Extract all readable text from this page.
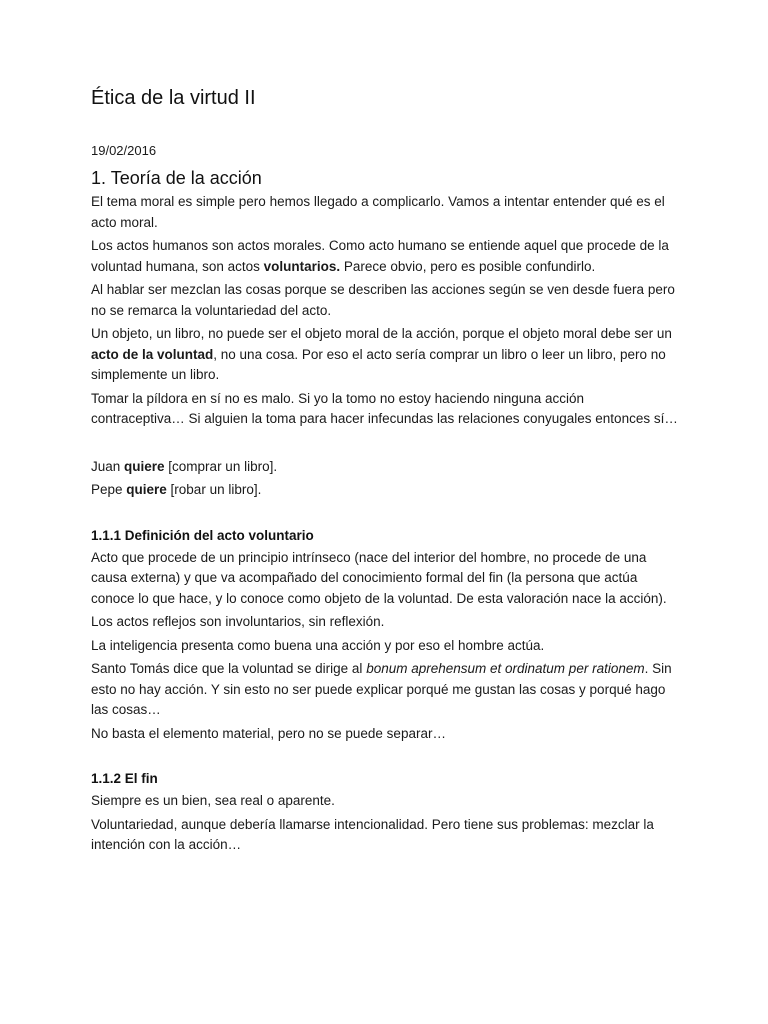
Ética de la virtud II
19/02/2016
1. Teoría de la acción

El tema moral es simple pero hemos llegado a complicarlo. Vamos a intentar entender qué es el acto moral.

Los actos humanos son actos morales. Como acto humano se entiende aquel que procede de la voluntad humana, son actos voluntarios. Parece obvio, pero es posible confundirlo.

Al hablar ser mezclan las cosas porque se describen las acciones según se ven desde fuera pero no se remarca la voluntariedad del acto.

Un objeto, un libro, no puede ser el objeto moral de la acción, porque el objeto moral debe ser un acto de la voluntad, no una cosa. Por eso el acto sería comprar un libro o leer un libro, pero no simplemente un libro.

Tomar la píldora en sí no es malo. Si yo la tomo no estoy haciendo ninguna acción contraceptiva… Si alguien la toma para hacer infecundas las relaciones conyugales entonces sí…

Juan quiere [comprar un libro].

Pepe quiere [robar un libro].

1.1.1 Definición del acto voluntario

Acto que procede de un principio intrínseco (nace del interior del hombre, no procede de una causa externa) y que va acompañado del conocimiento formal del fin (la persona que actúa conoce lo que hace, y lo conoce como objeto de la voluntad. De esta valoración nace la acción).

Los actos reflejos son involuntarios, sin reflexión.

La inteligencia presenta como buena una acción y por eso el hombre actúa.

Santo Tomás dice que la voluntad se dirige al bonum aprehensum et ordinatum per rationem. Sin esto no hay acción. Y sin esto no ser puede explicar porqué me gustan las cosas y porqué hago las cosas…

No basta el elemento material, pero no se puede separar…

1.1.2 El fin

Siempre es un bien, sea real o aparente.

Voluntariedad, aunque debería llamarse intencionalidad. Pero tiene sus problemas: mezclar la intención con la acción…
